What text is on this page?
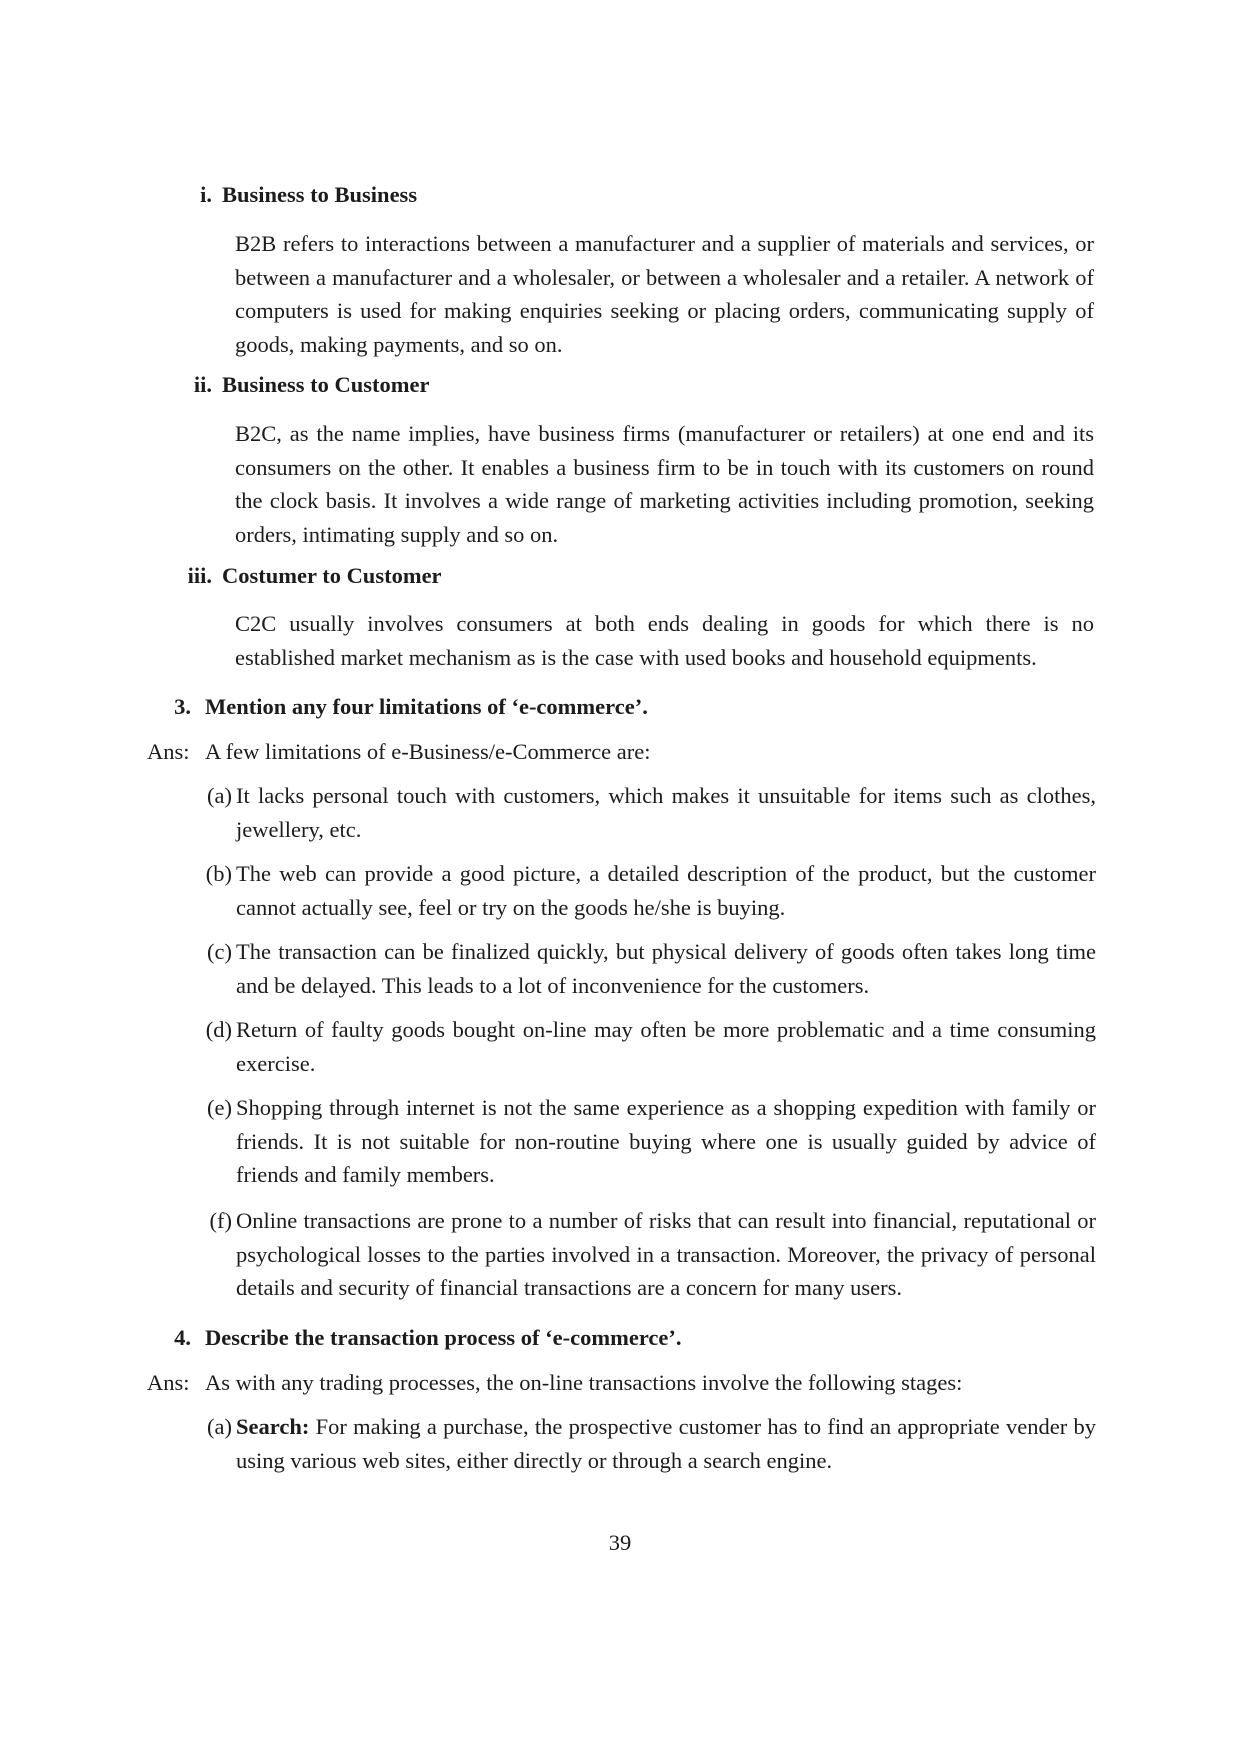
i. Business to Business

B2B refers to interactions between a manufacturer and a supplier of materials and services, or between a manufacturer and a wholesaler, or between a wholesaler and a retailer. A network of computers is used for making enquiries seeking or placing orders, communicating supply of goods, making payments, and so on.

ii. Business to Customer

B2C, as the name implies, have business firms (manufacturer or retailers) at one end and its consumers on the other. It enables a business firm to be in touch with its customers on round the clock basis. It involves a wide range of marketing activities including promotion, seeking orders, intimating supply and so on.

iii. Costumer to Customer

C2C usually involves consumers at both ends dealing in goods for which there is no established market mechanism as is the case with used books and household equipments.

3. Mention any four limitations of ‘e-commerce’.
Ans: A few limitations of e-Business/e-Commerce are:
(a) It lacks personal touch with customers, which makes it unsuitable for items such as clothes, jewellery, etc.
(b) The web can provide a good picture, a detailed description of the product, but the customer cannot actually see, feel or try on the goods he/she is buying.
(c) The transaction can be finalized quickly, but physical delivery of goods often takes long time and be delayed. This leads to a lot of inconvenience for the customers.
(d) Return of faulty goods bought on-line may often be more problematic and a time consuming exercise.
(e) Shopping through internet is not the same experience as a shopping expedition with family or friends. It is not suitable for non-routine buying where one is usually guided by advice of friends and family members.
(f) Online transactions are prone to a number of risks that can result into financial, reputational or psychological losses to the parties involved in a transaction. Moreover, the privacy of personal details and security of financial transactions are a concern for many users.
4. Describe the transaction process of ‘e-commerce’.
Ans: As with any trading processes, the on-line transactions involve the following stages:
(a) Search: For making a purchase, the prospective customer has to find an appropriate vender by using various web sites, either directly or through a search engine.
39
